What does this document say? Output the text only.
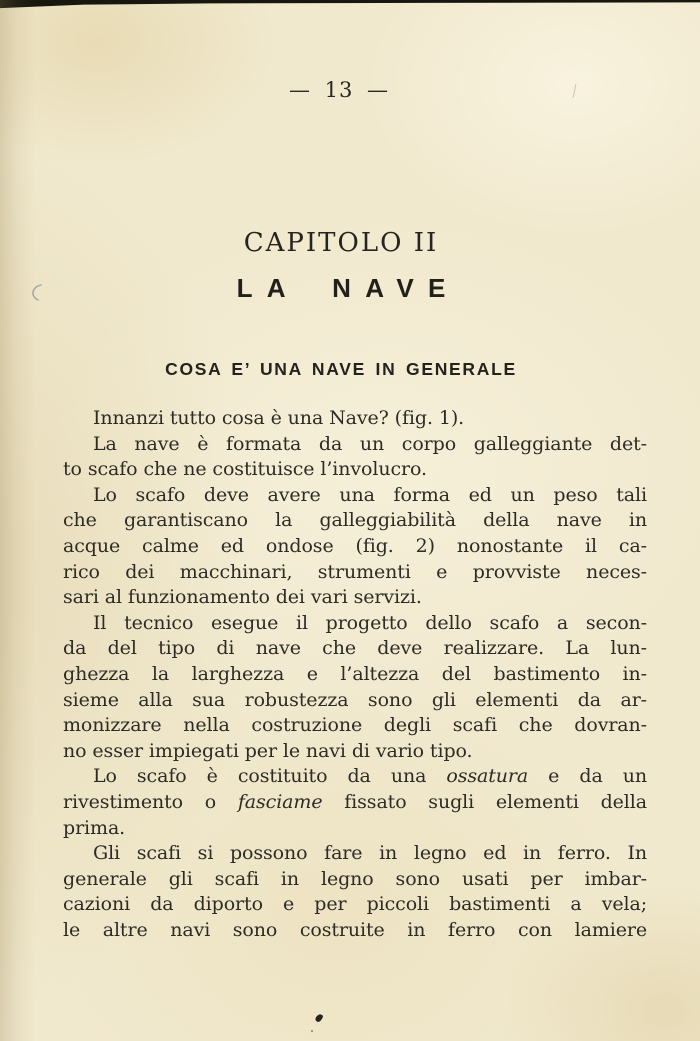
— 13 —
CAPITOLO II
LA NAVE
COSA E’ UNA NAVE IN GENERALE

Innanzi tutto cosa è una Nave? (fig. 1).

La nave è formata da un corpo galleggiante det-
to scafo che ne costituisce l’involucro.

Lo scafo deve avere una forma ed un peso tali
che garantiscano la galleggiabilità della nave in
acque calme ed ondose (fig. 2) nonostante il ca-
rico dei macchinari, strumenti e provviste neces-
sari al funzionamento dei vari servizi.

Il tecnico esegue il progetto dello scafo a secon-
da del tipo di nave che deve realizzare. La lun-
ghezza la larghezza e l’altezza del bastimento in-
sieme alla sua robustezza sono gli elementi da ar-
monizzare nella costruzione degli scafi che dovran-
no esser impiegati per le navi di vario tipo.

Lo scafo è costituito da una ossatura e da un
rivestimento o fasciame fissato sugli elementi della
prima.

Gli scafi si possono fare in legno ed in ferro. In
generale gli scafi in legno sono usati per imbar-
cazioni da diporto e per piccoli bastimenti a vela;
le altre navi sono costruite in ferro con lamiere
